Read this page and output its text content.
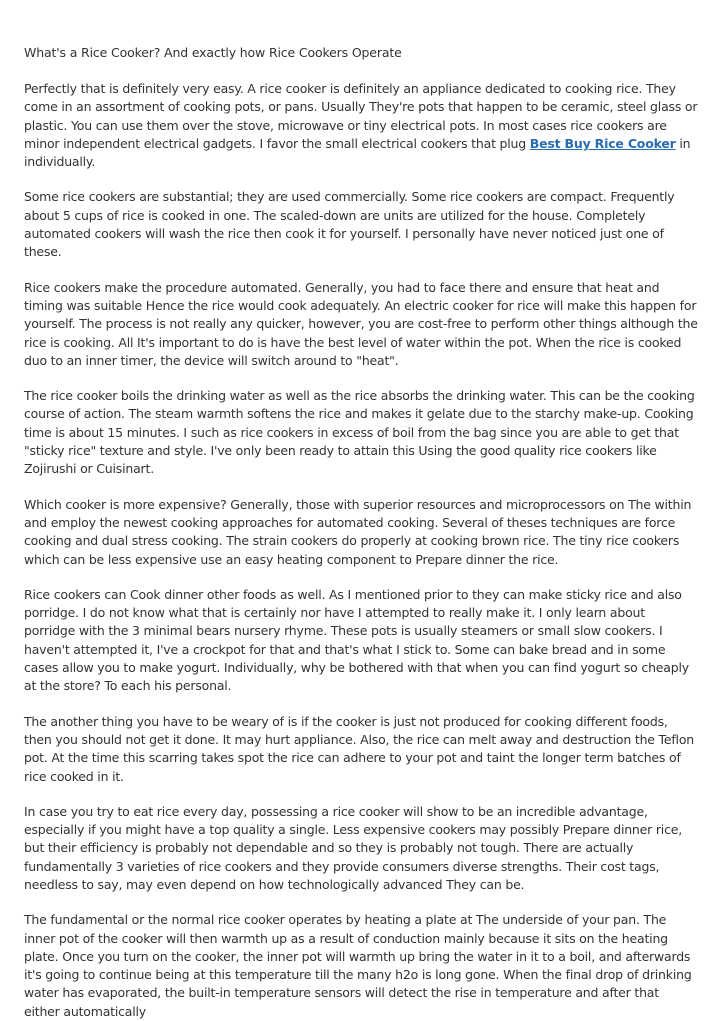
What's a Rice Cooker? And exactly how Rice Cookers Operate

Perfectly that is definitely very easy. A rice cooker is definitely an appliance dedicated to cooking rice. They come in an assortment of cooking pots, or pans. Usually They're pots that happen to be ceramic, steel glass or plastic. You can use them over the stove, microwave or tiny electrical pots. In most cases rice cookers are minor independent electrical gadgets. I favor the small electrical cookers that plug Best Buy Rice Cooker in individually.

Some rice cookers are substantial; they are used commercially. Some rice cookers are compact. Frequently about 5 cups of rice is cooked in one. The scaled-down are units are utilized for the house. Completely automated cookers will wash the rice then cook it for yourself. I personally have never noticed just one of these.

Rice cookers make the procedure automated. Generally, you had to face there and ensure that heat and timing was suitable Hence the rice would cook adequately. An electric cooker for rice will make this happen for yourself. The process is not really any quicker, however, you are cost-free to perform other things although the rice is cooking. All It's important to do is have the best level of water within the pot. When the rice is cooked duo to an inner timer, the device will switch around to "heat".

The rice cooker boils the drinking water as well as the rice absorbs the drinking water. This can be the cooking course of action. The steam warmth softens the rice and makes it gelate due to the starchy make-up. Cooking time is about 15 minutes. I such as rice cookers in excess of boil from the bag since you are able to get that "sticky rice" texture and style. I've only been ready to attain this Using the good quality rice cookers like Zojirushi or Cuisinart.

Which cooker is more expensive? Generally, those with superior resources and microprocessors on The within and employ the newest cooking approaches for automated cooking. Several of theses techniques are force cooking and dual stress cooking. The strain cookers do properly at cooking brown rice. The tiny rice cookers which can be less expensive use an easy heating component to Prepare dinner the rice.

Rice cookers can Cook dinner other foods as well. As I mentioned prior to they can make sticky rice and also porridge. I do not know what that is certainly nor have I attempted to really make it. I only learn about porridge with the 3 minimal bears nursery rhyme. These pots is usually steamers or small slow cookers. I haven't attempted it, I've a crockpot for that and that's what I stick to. Some can bake bread and in some cases allow you to make yogurt. Individually, why be bothered with that when you can find yogurt so cheaply at the store? To each his personal.

The another thing you have to be weary of is if the cooker is just not produced for cooking different foods, then you should not get it done. It may hurt appliance. Also, the rice can melt away and destruction the Teflon pot. At the time this scarring takes spot the rice can adhere to your pot and taint the longer term batches of rice cooked in it.

In case you try to eat rice every day, possessing a rice cooker will show to be an incredible advantage, especially if you might have a top quality a single. Less expensive cookers may possibly Prepare dinner rice, but their efficiency is probably not dependable and so they is probably not tough. There are actually fundamentally 3 varieties of rice cookers and they provide consumers diverse strengths. Their cost tags, needless to say, may even depend on how technologically advanced They can be.

The fundamental or the normal rice cooker operates by heating a plate at The underside of your pan. The inner pot of the cooker will then warmth up as a result of conduction mainly because it sits on the heating plate. Once you turn on the cooker, the inner pot will warmth up bring the water in it to a boil, and afterwards it's going to continue being at this temperature till the many h2o is long gone. When the final drop of drinking water has evaporated, the built-in temperature sensors will detect the rise in temperature and after that either automatically
